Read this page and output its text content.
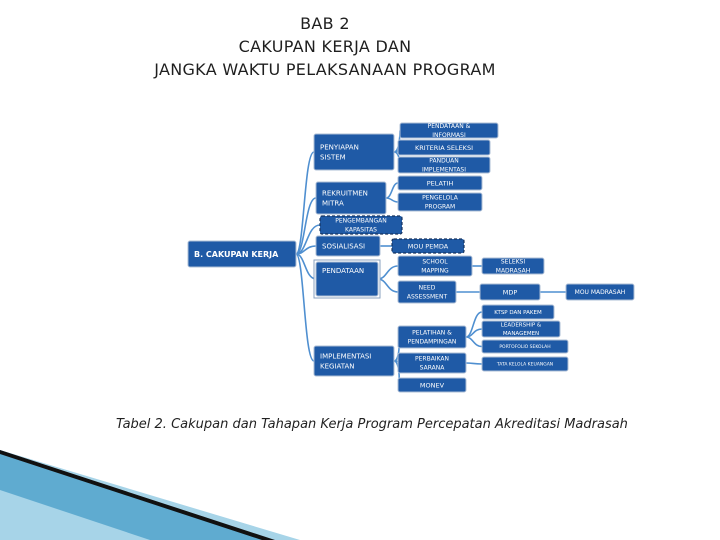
BAB 2
CAKUPAN KERJA DAN
JANGKA WAKTU PELAKSANAAN PROGRAM
B. CAKUPAN KERJA
PENYIAPAN
SISTEM
REKRUITMEN
MITRA
PENGEMBANGAN
KAPASITAS
SOSIALISASI
PENDATAAN
IMPLEMENTASI
KEGIATAN
PENDATAAN &
INFORMASI
KRITERIA SELEKSI
PANDUAN
IMPLEMENTASI
PELATIH
PENGELOLA
PROGRAM
MOU PEMDA
SCHOOL
MAPPING
SELEKSI
MADRASAH
NEED
ASSESSMENT
MDP	MOU MADRASAH
PELATIHAN &
PENDAMPINGAN
KTSP DAN PAKEM
LEADERSHIP &
MANAGEMEN
PORTOFOLIO SEKOLAH
TATA KELOLA KEUANGAN
PERBAIKAN
SARANA
MONEV
Tabel 2. Cakupan dan Tahapan Kerja Program Percepatan Akreditasi Madrasah
